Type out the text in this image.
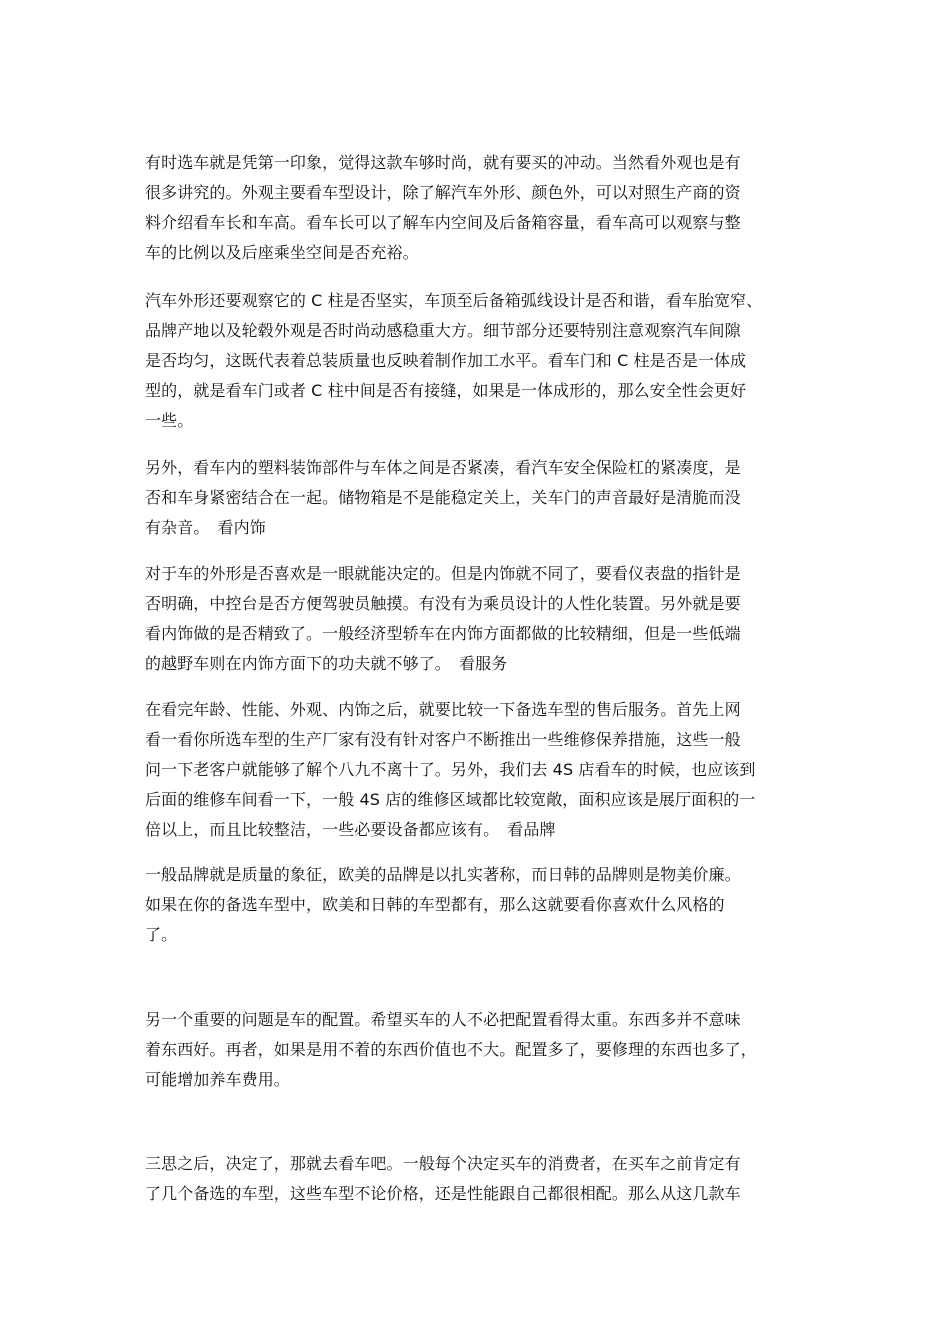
有时选车就是凭第一印象，觉得这款车够时尚，就有要买的冲动。当然看外观也是有
很多讲究的。外观主要看车型设计，除了解汽车外形、颜色外，可以对照生产商的资
料介绍看车长和车高。看车长可以了解车内空间及后备箱容量，看车高可以观察与整
车的比例以及后座乘坐空间是否充裕。
汽车外形还要观察它的 C 柱是否坚实，车顶至后备箱弧线设计是否和谐，看车胎宽窄、
品牌产地以及轮毂外观是否时尚动感稳重大方。细节部分还要特别注意观察汽车间隙
是否均匀，这既代表着总装质量也反映着制作加工水平。看车门和 C 柱是否是一体成
型的，就是看车门或者 C 柱中间是否有接缝，如果是一体成形的，那么安全性会更好
一些。
另外，看车内的塑料装饰部件与车体之间是否紧凑，看汽车安全保险杠的紧凑度，是
否和车身紧密结合在一起。储物箱是不是能稳定关上，关车门的声音最好是清脆而没
有杂音。　看内饰
对于车的外形是否喜欢是一眼就能决定的。但是内饰就不同了，要看仪表盘的指针是
否明确，中控台是否方便驾驶员触摸。有没有为乘员设计的人性化装置。另外就是要
看内饰做的是否精致了。一般经济型轿车在内饰方面都做的比较精细，但是一些低端
的越野车则在内饰方面下的功夫就不够了。　看服务
在看完年龄、性能、外观、内饰之后，就要比较一下备选车型的售后服务。首先上网
看一看你所选车型的生产厂家有没有针对客户不断推出一些维修保养措施，这些一般
问一下老客户就能够了解个八九不离十了。另外，我们去 4S 店看车的时候，也应该到
后面的维修车间看一下，一般 4S 店的维修区域都比较宽敞，面积应该是展厅面积的一
倍以上，而且比较整洁，一些必要设备都应该有。　看品牌
一般品牌就是质量的象征，欧美的品牌是以扎实著称，而日韩的品牌则是物美价廉。
如果在你的备选车型中，欧美和日韩的车型都有，那么这就要看你喜欢什么风格的
了。
另一个重要的问题是车的配置。希望买车的人不必把配置看得太重。东西多并不意味
着东西好。再者，如果是用不着的东西价值也不大。配置多了，要修理的东西也多了，
可能增加养车费用。
三思之后，决定了，那就去看车吧。一般每个决定买车的消费者，在买车之前肯定有
了几个备选的车型，这些车型不论价格，还是性能跟自己都很相配。那么从这几款车
